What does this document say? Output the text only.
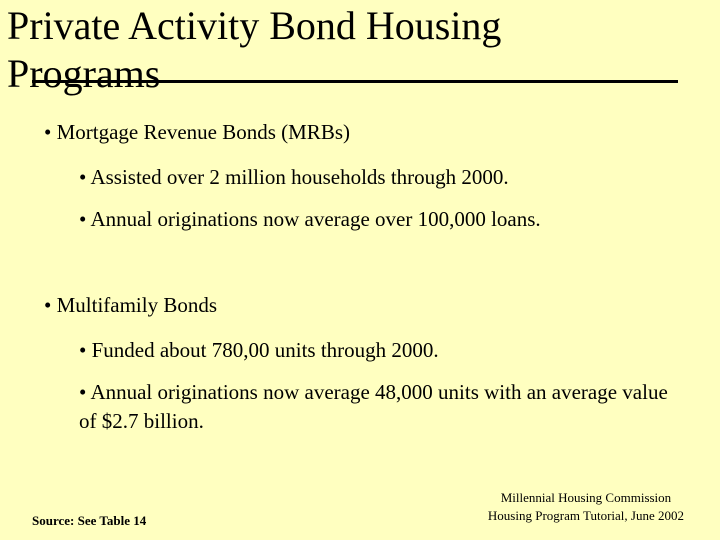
Private Activity Bond Housing Programs
• Mortgage Revenue Bonds (MRBs)
• Assisted over 2 million households through 2000.
• Annual originations now average over 100,000 loans.
• Multifamily Bonds
• Funded about 780,00 units through 2000.
• Annual originations now average 48,000 units with an average value of $2.7 billion.
Source: See Table 14
Millennial Housing Commission
Housing Program Tutorial, June 2002
